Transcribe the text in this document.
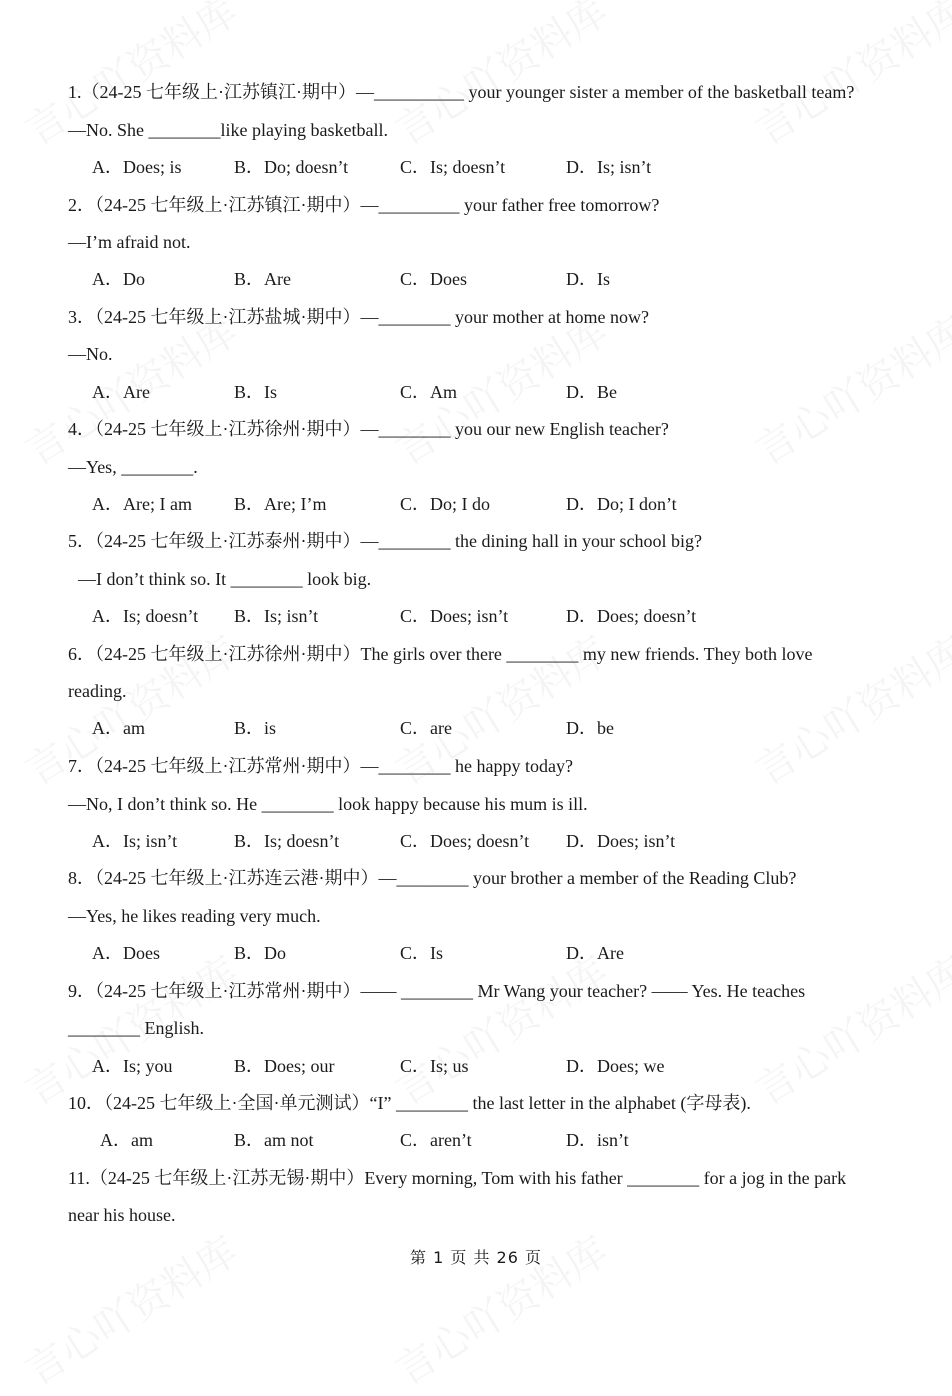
1.（24-25 七年级上·江苏镇江·期中）—__________ your younger sister a member of the basketball team?
—No. She ________like playing basketball.
A．Does; is	B．Do; doesn’t	C．Is; doesn’t	D．Is; isn’t
2．（24-25 七年级上·江苏镇江·期中）—_________ your father free tomorrow?
—I’m afraid not.
A．Do	B．Are	C．Does	D．Is
3．（24-25 七年级上·江苏盐城·期中）—________ your mother at home now?
—No.
A．Are	B．Is	C．Am	D．Be
4．（24-25 七年级上·江苏徐州·期中）—________ you our new English teacher?
—Yes, ________.
A．Are; I am B．Are; I’m	C．Do; I do	D．Do; I don’t
5．（24-25 七年级上·江苏泰州·期中）—________ the dining hall in your school big?
—I don’t think so. It ________ look big.
A．Is; doesn’t B．Is; isn’t	C．Does; isn’t	D．Does; doesn’t
6．（24-25 七年级上·江苏徐州·期中）The girls over there ________ my new friends. They both love
reading.
A．am	B．is	C．are	D．be
7．（24-25 七年级上·江苏常州·期中）—________ he happy today?
—No, I don’t think so. He ________ look happy because his mum is ill.
A．Is; isn’t	B．Is; doesn’t	C．Does; doesn’t D．Does; isn’t
8．（24-25 七年级上·江苏连云港·期中）—________ your brother a member of the Reading Club?
—Yes, he likes reading very much.
A．Does	B．Do	C．Is	D．Are
9．（24-25 七年级上·江苏常州·期中）—— ________ Mr Wang your teacher? —— Yes. He teaches
________ English.
A．Is; you	B．Does; our	C．Is; us	D．Does; we
10．（24-25 七年级上·全国·单元测试）“I” ________ the last letter in the alphabet (字母表).
A．am	B．am not	C．aren’t	D．isn’t
11.（24-25 七年级上·江苏无锡·期中）Every morning, Tom with his father ________ for a jog in the park
near his house.
第 1 页 共 26 页
